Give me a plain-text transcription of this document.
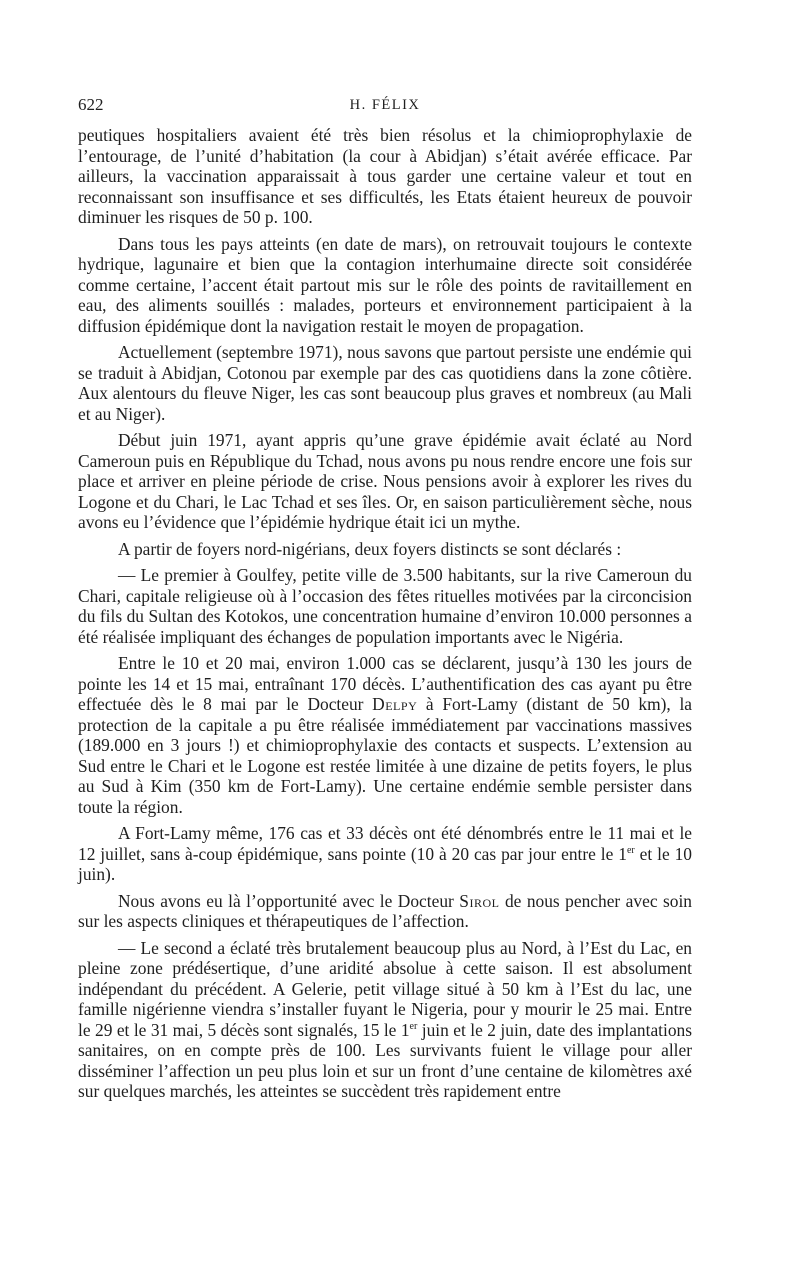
622	H. FÉLIX

peutiques hospitaliers avaient été très bien résolus et la chimioprophylaxie de l’entourage, de l’unité d’habitation (la cour à Abidjan) s’était avérée efficace. Par ailleurs, la vaccination apparaissait à tous garder une certaine valeur et tout en reconnaissant son insuffisance et ses difficultés, les Etats étaient heureux de pouvoir diminuer les risques de 50 p. 100.

Dans tous les pays atteints (en date de mars), on retrouvait toujours le contexte hydrique, lagunaire et bien que la contagion interhumaine directe soit considérée comme certaine, l’accent était partout mis sur le rôle des points de ravitaillement en eau, des aliments souillés : malades, porteurs et environnement participaient à la diffusion épidémique dont la navigation restait le moyen de propagation.

Actuellement (septembre 1971), nous savons que partout persiste une endémie qui se traduit à Abidjan, Cotonou par exemple par des cas quotidiens dans la zone côtière. Aux alentours du fleuve Niger, les cas sont beaucoup plus graves et nombreux (au Mali et au Niger).

Début juin 1971, ayant appris qu’une grave épidémie avait éclaté au Nord Cameroun puis en République du Tchad, nous avons pu nous rendre encore une fois sur place et arriver en pleine période de crise. Nous pensions avoir à explorer les rives du Logone et du Chari, le Lac Tchad et ses îles. Or, en saison particulièrement sèche, nous avons eu l’évidence que l’épidémie hydrique était ici un mythe.

A partir de foyers nord-nigérians, deux foyers distincts se sont déclarés :

— Le premier à Goulfey, petite ville de 3.500 habitants, sur la rive Cameroun du Chari, capitale religieuse où à l’occasion des fêtes rituelles motivées par la circoncision du fils du Sultan des Kotokos, une concentration humaine d’environ 10.000 personnes a été réalisée impliquant des échanges de population importants avec le Nigéria.

Entre le 10 et 20 mai, environ 1.000 cas se déclarent, jusqu’à 130 les jours de pointe les 14 et 15 mai, entraînant 170 décès. L’authentification des cas ayant pu être effectuée dès le 8 mai par le Docteur Delpy à Fort-Lamy (distant de 50 km), la protection de la capitale a pu être réalisée immédiatement par vaccinations massives (189.000 en 3 jours !) et chimioprophylaxie des contacts et suspects. L’extension au Sud entre le Chari et le Logone est restée limitée à une dizaine de petits foyers, le plus au Sud à Kim (350 km de Fort-Lamy). Une certaine endémie semble persister dans toute la région.

A Fort-Lamy même, 176 cas et 33 décès ont été dénombrés entre le 11 mai et le 12 juillet, sans à-coup épidémique, sans pointe (10 à 20 cas par jour entre le 1er et le 10 juin).

Nous avons eu là l’opportunité avec le Docteur Sirol de nous pencher avec soin sur les aspects cliniques et thérapeutiques de l’affection.

— Le second a éclaté très brutalement beaucoup plus au Nord, à l’Est du Lac, en pleine zone prédésertique, d’une aridité absolue à cette saison. Il est absolument indépendant du précédent. A Gelerie, petit village situé à 50 km à l’Est du lac, une famille nigérienne viendra s’installer fuyant le Nigeria, pour y mourir le 25 mai. Entre le 29 et le 31 mai, 5 décès sont signalés, 15 le 1er juin et le 2 juin, date des implantations sanitaires, on en compte près de 100. Les survivants fuient le village pour aller disséminer l’affection un peu plus loin et sur un front d’une centaine de kilomètres axé sur quelques marchés, les atteintes se succèdent très rapidement entre
